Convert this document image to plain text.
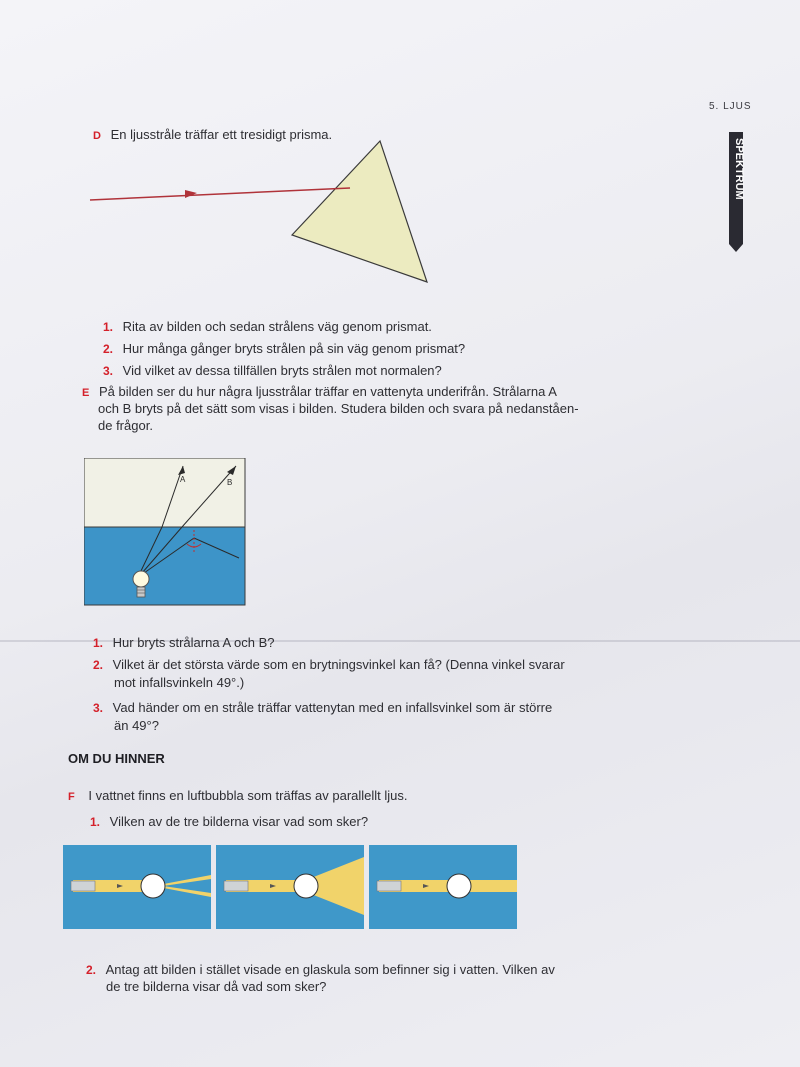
5. LJUS
SPEKTRUM
D En ljusstråle träffar ett tresidigt prisma.
1. Rita av bilden och sedan strålens väg genom prismat.
2. Hur många gånger bryts strålen på sin väg genom prismat?
3. Vid vilket av dessa tillfällen bryts strålen mot normalen?
E På bilden ser du hur några ljusstrålar träffar en vattenyta underifrån. Strålarna A
och B bryts på det sätt som visas i bilden. Studera bilden och svara på nedanståen-
de frågor.
A	B
1. Hur bryts strålarna A och B?
2. Vilket är det största värde som en brytningsvinkel kan få? (Denna vinkel svarar
mot infallsvinkeln 49°.)
3. Vad händer om en stråle träffar vattenytan med en infallsvinkel som är större
än 49°?
OM DU HINNER
F I vattnet finns en luftbubbla som träffas av parallellt ljus.
1. Vilken av de tre bilderna visar vad som sker?
2. Antag att bilden i stället visade en glaskula som befinner sig i vatten. Vilken av
de tre bilderna visar då vad som sker?
